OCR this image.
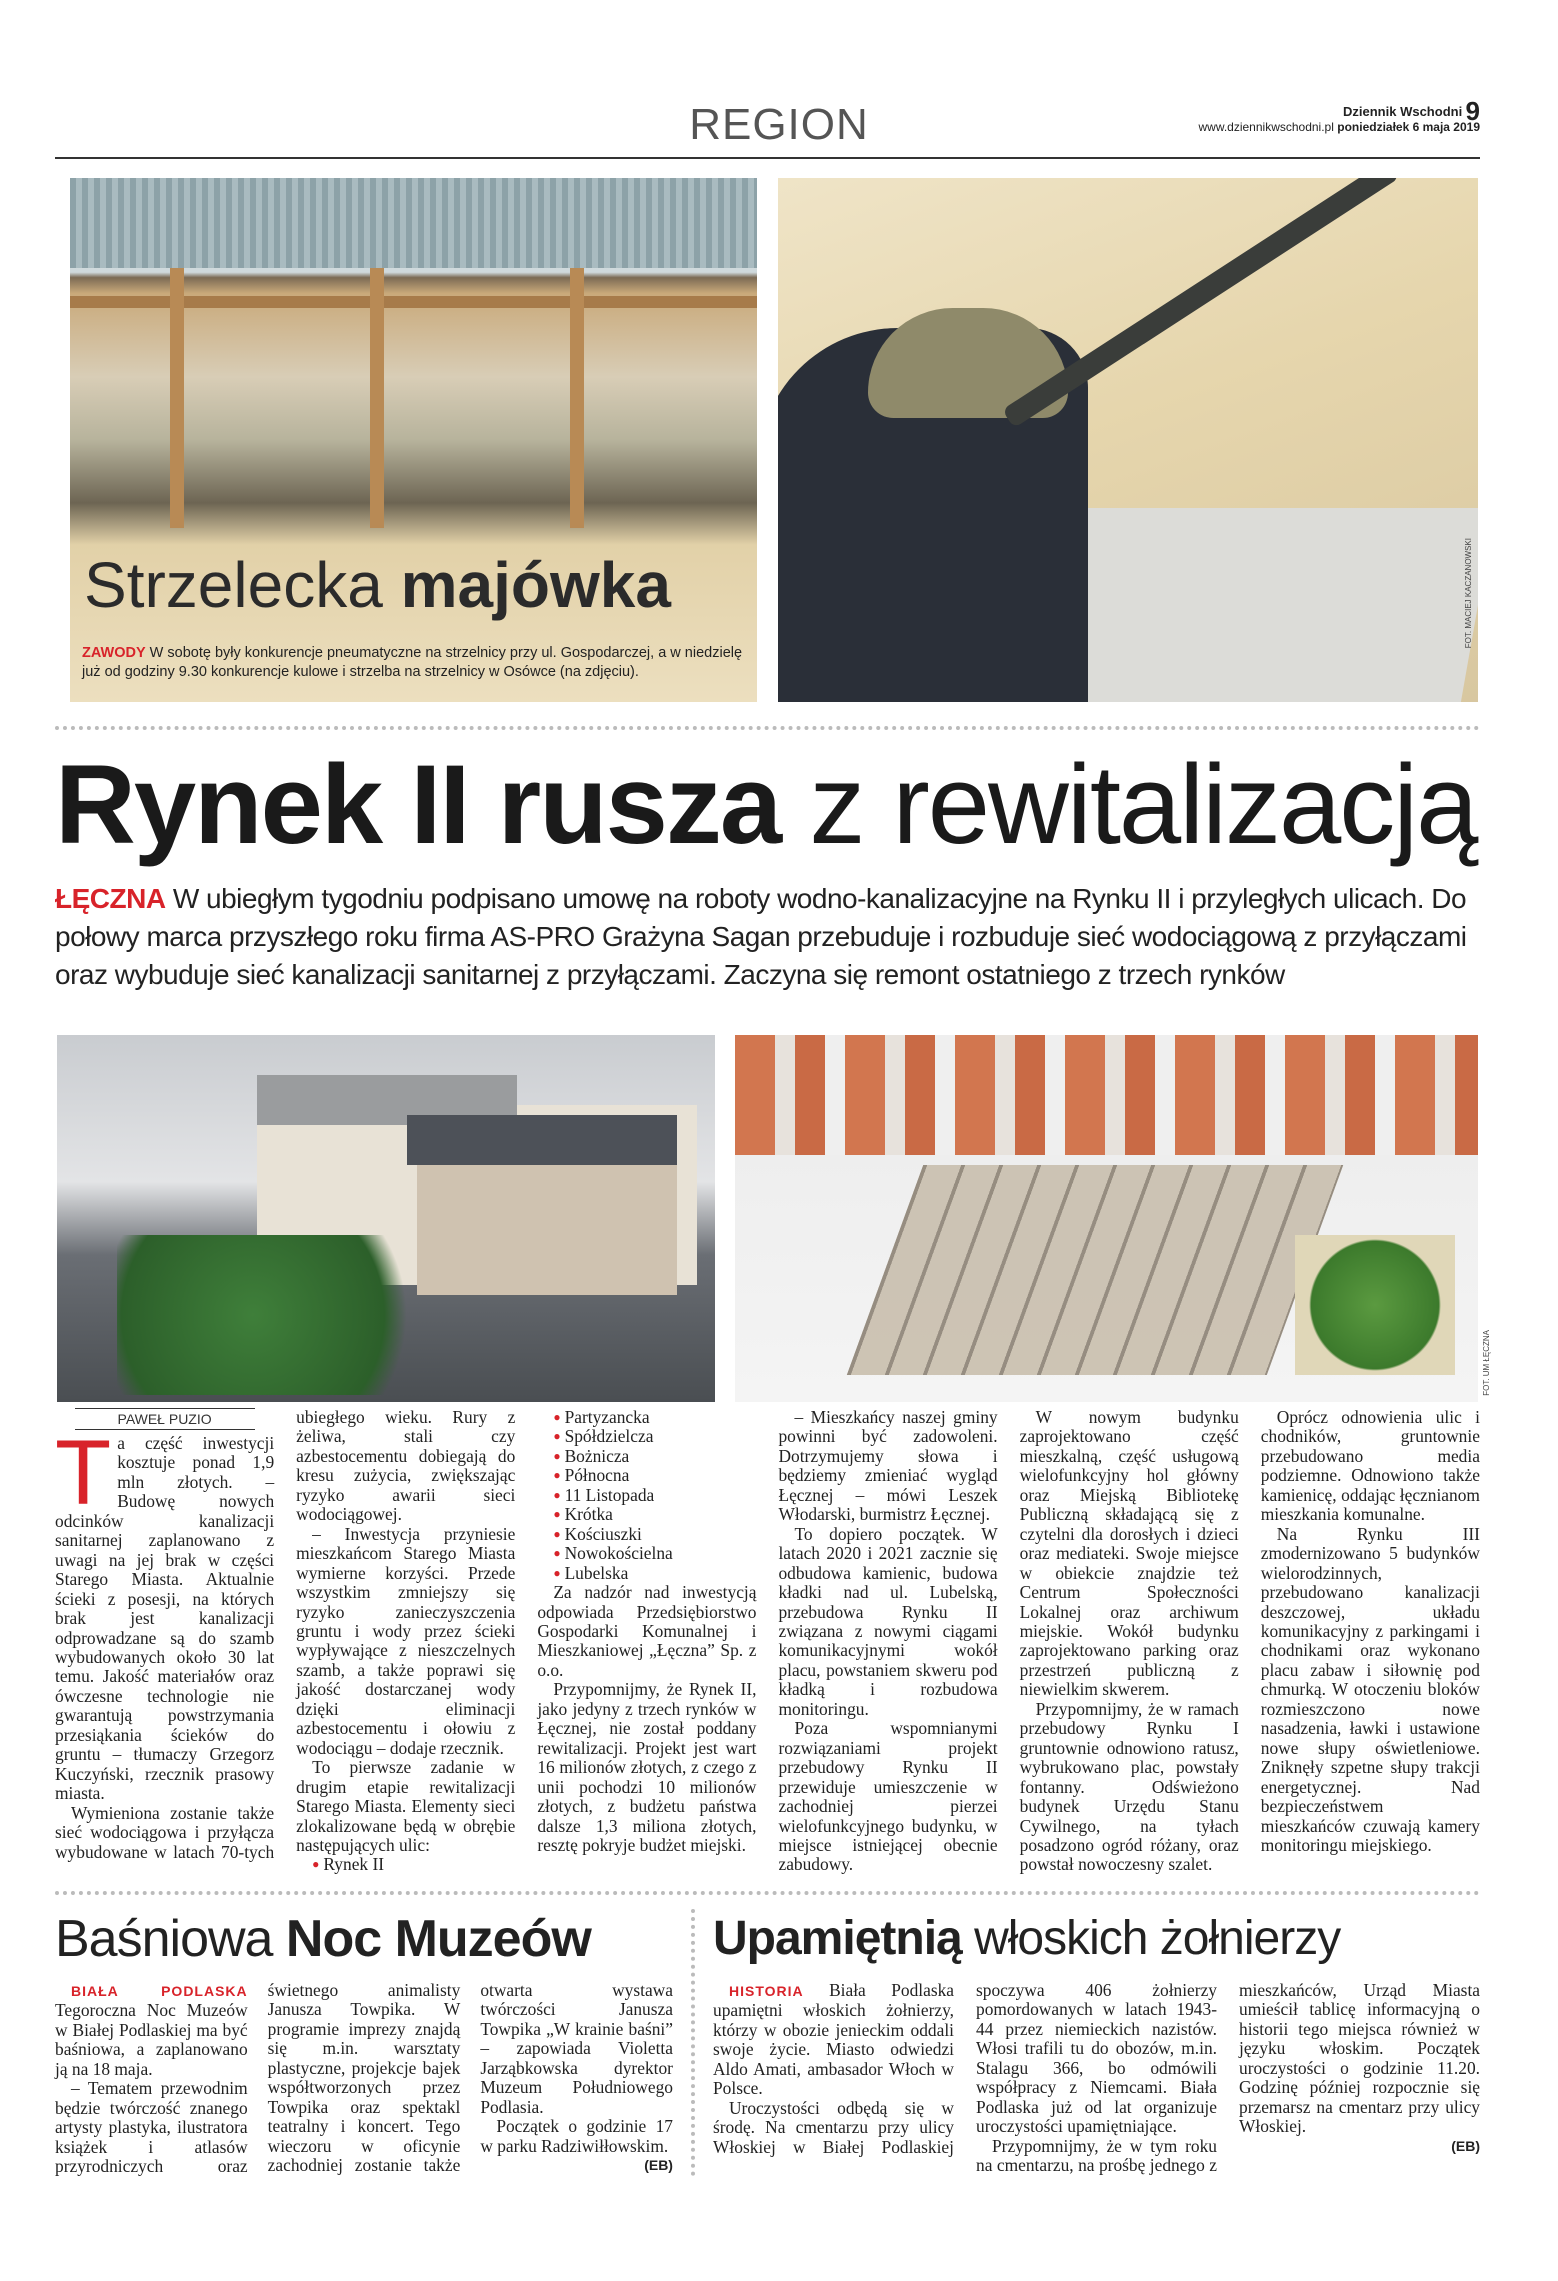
REGION	Dziennik Wschodni 9
www.dziennikwschodni.pl poniedziałek 6 maja 2019
Strzelecka majówka
ZAWODY W sobotę były konkurencje pneumatyczne na strzelnicy przy ul. Gospodarczej, a w niedzielę już od godziny 9.30 konkurencje kulowe i strzelba na strzelnicy w Osówce (na zdjęciu).
FOT. MACIEJ KACZANOWSKI
Rynek II rusza z rewitalizacją
ŁĘCZNA W ubiegłym tygodniu podpisano umowę na roboty wodno-kanalizacyjne na Rynku II i przyległych ulicach. Do połowy marca przyszłego roku firma AS-PRO Grażyna Sagan przebuduje i rozbuduje sieć wodociągową z przyłączami oraz wybuduje sieć kanalizacji sanitarnej z przyłączami. Zaczyna się remont ostatniego z trzech rynków
FOT. UM ŁĘCZNA
PAWEŁ PUZIO

Ta część inwestycji kosztuje ponad 1,9 mln złotych. – Budowę nowych odcinków kanalizacji sanitarnej zaplanowano z uwagi na jej brak w części Starego Miasta. Aktualnie ścieki z posesji, na których brak jest kanalizacji odprowadzane są do szamb wybudowanych około 30 lat temu. Jakość materiałów oraz ówczesne technologie nie gwarantują powstrzymania przesiąkania ścieków do gruntu – tłumaczy Grzegorz Kuczyński, rzecznik prasowy miasta.

Wymieniona zostanie także sieć wodociągowa i przyłącza wybudowane w latach 70-tych ubiegłego wieku. Rury z żeliwa, stali czy azbestocementu dobiegają do kresu zużycia, zwiększając ryzyko awarii sieci wodociągowej.

– Inwestycja przyniesie mieszkańcom Starego Miasta wymierne korzyści. Przede wszystkim zmniejszy się ryzyko zanieczyszczenia gruntu i wody przez ścieki wypływające z nieszczelnych szamb, a także poprawi się jakość dostarczanej wody dzięki eliminacji azbestocementu i ołowiu z wodociągu – dodaje rzecznik.

To pierwsze zadanie w drugim etapie rewitalizacji Starego Miasta. Elementy sieci zlokalizowane będą w obrębie następujących ulic:

● Rynek II
● Partyzancka
● Spółdzielcza
● Bożnicza
● Północna
● 11 Listopada
● Krótka
● Kościuszki
● Nowokościelna
● Lubelska

Za nadzór nad inwestycją odpowiada Przedsiębiorstwo Gospodarki Komunalnej i Mieszkaniowej „Łęczna” Sp. z o.o.

Przypomnijmy, że Rynek II, jako jedyny z trzech rynków w Łęcznej, nie został poddany rewitalizacji. Projekt jest wart 16 milionów złotych, z czego z unii pochodzi 10 milionów złotych, z budżetu państwa dalsze 1,3 miliona złotych, resztę pokryje budżet miejski.

– Mieszkańcy naszej gminy powinni być zadowoleni. Dotrzymujemy słowa i będziemy zmieniać wygląd Łęcznej – mówi Leszek Włodarski, burmistrz Łęcznej.

To dopiero początek. W latach 2020 i 2021 zacznie się odbudowa kamienic, budowa kładki nad ul. Lubelską, przebudowa Rynku II związana z nowymi ciągami komunikacyjnymi wokół placu, powstaniem skweru pod kładką i rozbudowa monitoringu.

Poza wspomnianymi rozwiązaniami projekt przebudowy Rynku II przewiduje umieszczenie w zachodniej pierzei wielofunkcyjnego budynku, w miejsce istniejącej obecnie zabudowy.

W nowym budynku zaprojektowano część mieszkalną, część usługową wielofunkcyjny hol główny oraz Miejską Bibliotekę Publiczną składającą się z czytelni dla dorosłych i dzieci oraz mediateki. Swoje miejsce w obiekcie znajdzie też Centrum Społeczności Lokalnej oraz archiwum miejskie. Wokół budynku zaprojektowano parking oraz przestrzeń publiczną z niewielkim skwerem.

Przypomnijmy, że w ramach przebudowy Rynku I gruntownie odnowiono ratusz, wybrukowano plac, powstały fontanny. Odświeżono budynek Urzędu Stanu Cywilnego, na tyłach posadzono ogród różany, oraz powstał nowoczesny szalet.

Oprócz odnowienia ulic i chodników, gruntownie przebudowano media podziemne. Odnowiono także kamienicę, oddając łęcznianom mieszkania komunalne.

Na Rynku III zmodernizowano 5 budynków wielorodzinnych, przebudowano kanalizacji deszczowej, układu komunikacyjny z parkingami i chodnikami oraz wykonano placu zabaw i siłownię pod chmurką. W otoczeniu bloków rozmieszczono nowe nasadzenia, ławki i ustawione nowe słupy oświetleniowe. Zniknęły szpetne słupy trakcji energetycznej. Nad bezpieczeństwem mieszkańców czuwają kamery monitoringu miejskiego.

Baśniowa Noc Muzeów

BIAŁA PODLASKA Tegoroczna Noc Muzeów w Białej Podlaskiej ma być baśniowa, a zaplanowano ją na 18 maja.

– Tematem przewodnim będzie twórczość znanego artysty plastyka, ilustratora książek i atlasów przyrodniczych oraz świetnego animalisty Janusza Towpika. W programie imprezy znajdą się m.in. warsztaty plastyczne, projekcje bajek współtworzonych przez Towpika oraz spektakl teatralny i koncert. Tego wieczoru w oficynie zachodniej zostanie także otwarta wystawa twórczości Janusza Towpika „W krainie baśni” – zapowiada Violetta Jarząbkowska dyrektor Muzeum Południowego Podlasia.

Początek o godzinie 17 w parku Radziwiłłowskim.

(EB)
Upamiętnią włoskich żołnierzy

HISTORIA Biała Podlaska upamiętni włoskich żołnierzy, którzy w obozie jenieckim oddali swoje życie. Miasto odwiedzi Aldo Amati, ambasador Włoch w Polsce.

Uroczystości odbędą się w środę. Na cmentarzu przy ulicy Włoskiej w Białej Podlaskiej spoczywa 406 żołnierzy pomordowanych w latach 1943-44 przez niemieckich nazistów. Włosi trafili tu do obozów, m.in. Stalagu 366, bo odmówili współpracy z Niemcami. Biała Podlaska już od lat organizuje uroczystości upamiętniające.

Przypomnijmy, że w tym roku na cmentarzu, na prośbę jednego z mieszkańców, Urząd Miasta umieścił tablicę informacyjną o historii tego miejsca również w języku włoskim. Początek uroczystości o godzinie 11.20. Godzinę później rozpocznie się przemarsz na cmentarz przy ulicy Włoskiej.

(EB)
